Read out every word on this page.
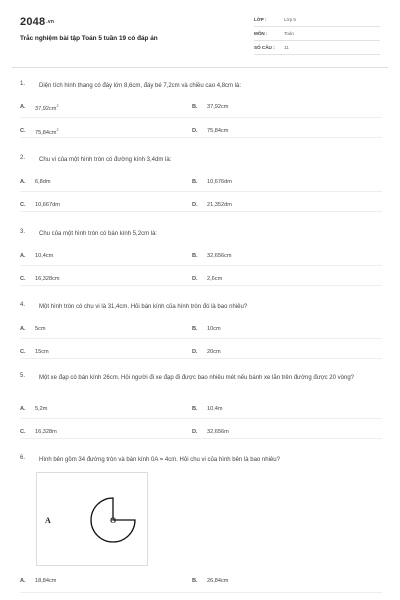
2048.vn
Trắc nghiệm bài tập Toán 5 tuần 19 có đáp án
LỚP :	Lớp 5
MÔN :	Toán
SỐ CÂU : 11
1. Diện tích hình thang có đáy lớn 8,6cm, đáy bé 7,2cm và chiều cao 4,8cm là:
A. $37,92cm^2$	B. 37,92cm
C. $75,84cm^2$	D. 75,84cm
2. Chu vi của một hình tròn có đường kính 3,4dm là:
A. 6,8dm	B. 10,676dm
C. 10,667dm	D. 21,352dm
3. Chu của một hình tròn có bán kính 5,2cm là:
A. 10,4cm	B. 32,656cm
C. 16,328cm	D. 2,6cm
4. Một hình tròn có chu vi là 31,4cm. Hỏi bán kính của hình tròn đó là bao nhiêu?
A. 5cm	B. 10cm
C. 15cm	D. 20cm
5. Một xe đạp có bán kính 26cm. Hỏi người đi xe đạp đi được bao nhiêu mét nếu bánh xe lăn trên đường được 20 vòng?
A. 5,2m	B. 10,4m
C. 16,328m	D. 32,656m
6. Hình bên gồm 34 đường tròn và bán kính 0A = 4cm. Hỏi chu vi của hình bên là bao nhiêu?
A	O
A. 18,84cm	B. 26,84cm
